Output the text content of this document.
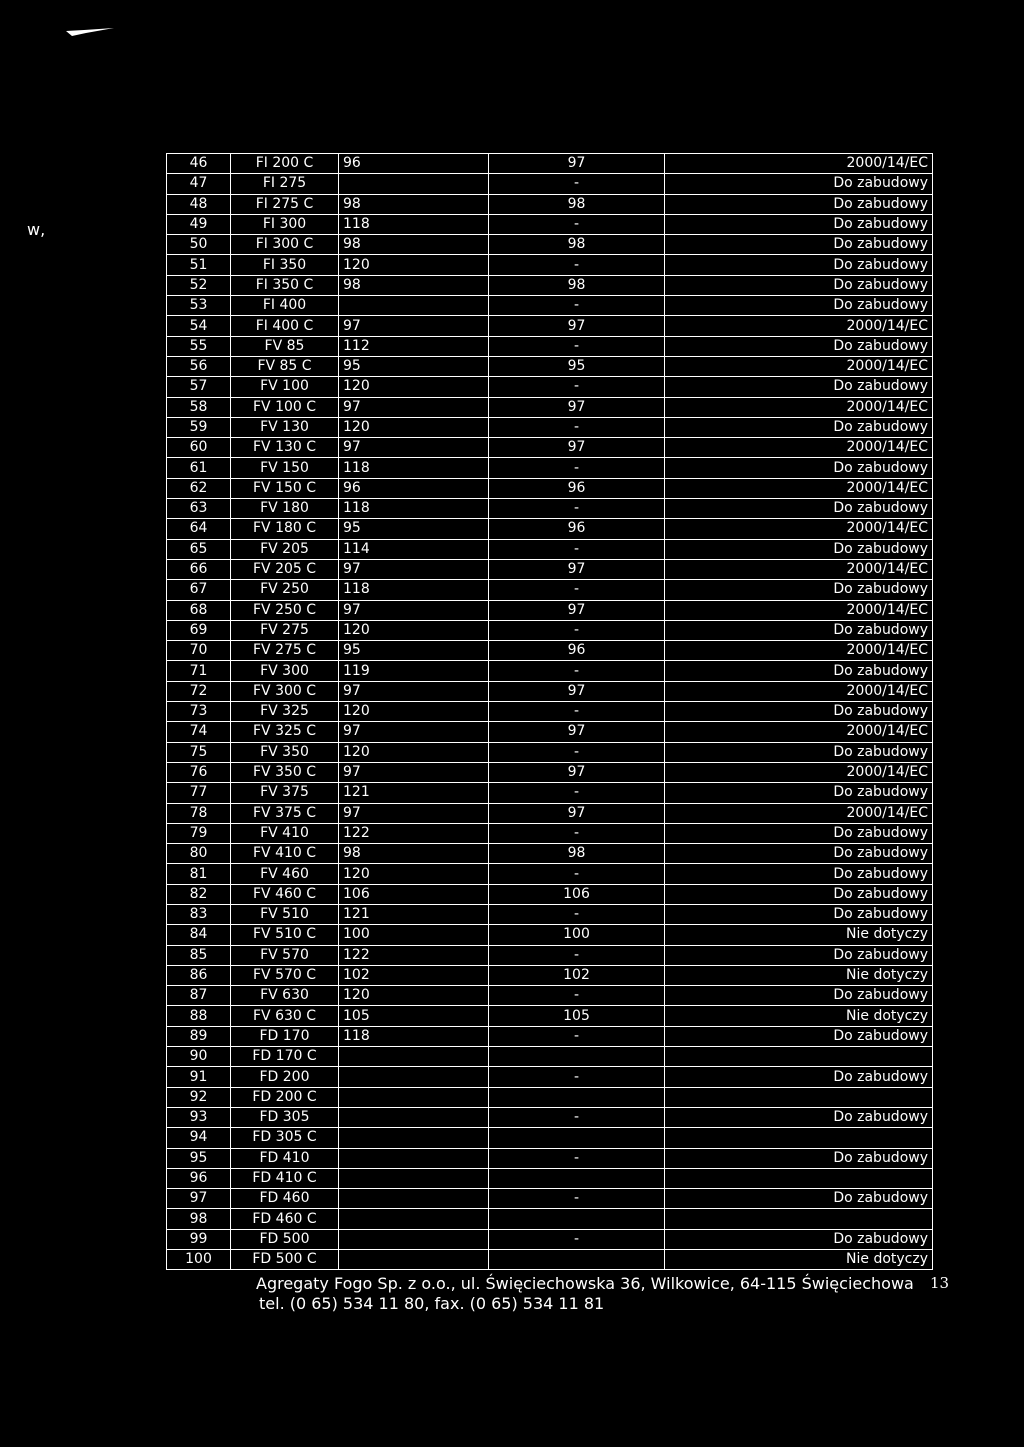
w,
46	FI 200 C	96	97	2000/14/EC
47	FI 275		-	Do zabudowy
48	FI 275 C	98	98	Do zabudowy
49	FI 300	118	-	Do zabudowy
50	FI 300 C	98	98	Do zabudowy
51	FI 350	120	-	Do zabudowy
52	FI 350 C	98	98	Do zabudowy
53	FI 400		-	Do zabudowy
54	FI 400 C	97	97	2000/14/EC
55	FV 85	112	-	Do zabudowy
56	FV 85 C	95	95	2000/14/EC
57	FV 100	120	-	Do zabudowy
58	FV 100 C	97	97	2000/14/EC
59	FV 130	120	-	Do zabudowy
60	FV 130 C	97	97	2000/14/EC
61	FV 150	118	-	Do zabudowy
62	FV 150 C	96	96	2000/14/EC
63	FV 180	118	-	Do zabudowy
64	FV 180 C	95	96	2000/14/EC
65	FV 205	114	-	Do zabudowy
66	FV 205 C	97	97	2000/14/EC
67	FV 250	118	-	Do zabudowy
68	FV 250 C	97	97	2000/14/EC
69	FV 275	120	-	Do zabudowy
70	FV 275 C	95	96	2000/14/EC
71	FV 300	119	-	Do zabudowy
72	FV 300 C	97	97	2000/14/EC
73	FV 325	120	-	Do zabudowy
74	FV 325 C	97	97	2000/14/EC
75	FV 350	120	-	Do zabudowy
76	FV 350 C	97	97	2000/14/EC
77	FV 375	121	-	Do zabudowy
78	FV 375 C	97	97	2000/14/EC
79	FV 410	122	-	Do zabudowy
80	FV 410 C	98	98	Do zabudowy
81	FV 460	120	-	Do zabudowy
82	FV 460 C	106	106	Do zabudowy
83	FV 510	121	-	Do zabudowy
84	FV 510 C	100	100	Nie dotyczy
85	FV 570	122	-	Do zabudowy
86	FV 570 C	102	102	Nie dotyczy
87	FV 630	120	-	Do zabudowy
88	FV 630 C	105	105	Nie dotyczy
89	FD 170	118	-	Do zabudowy
90	FD 170 C			
91	FD 200		-	Do zabudowy
92	FD 200 C			
93	FD 305		-	Do zabudowy
94	FD 305 C			
95	FD 410		-	Do zabudowy
96	FD 410 C			
97	FD 460		-	Do zabudowy
98	FD 460 C			
99	FD 500		-	Do zabudowy
100	FD 500 C			Nie dotyczy
Agregaty Fogo Sp. z o.o., ul. Święciechowska 36, Wilkowice, 64-115 Święciechowa
tel. (0 65) 534 11 80, fax. (0 65) 534 11 81
13
